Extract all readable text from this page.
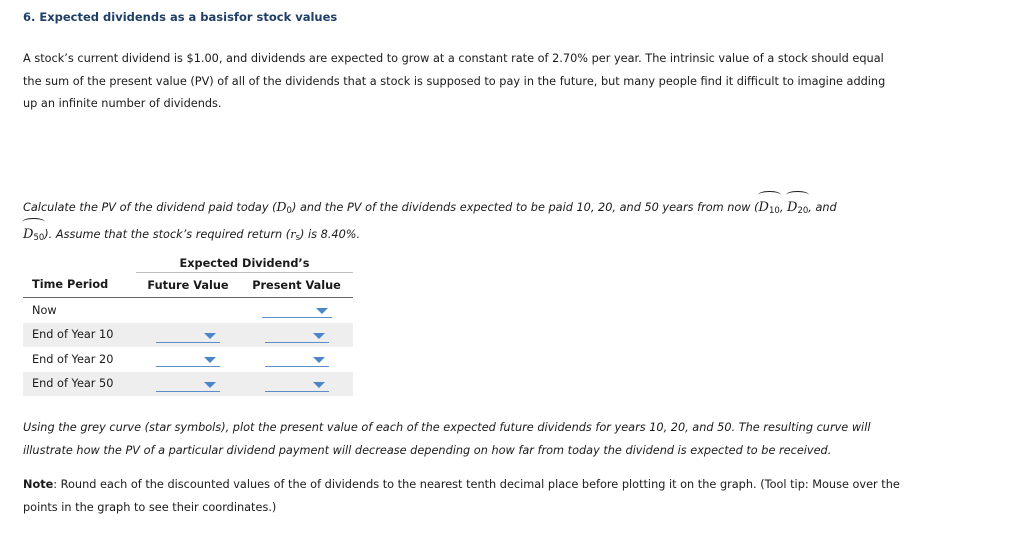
6. Expected dividends as a basisfor stock values
A stock’s current dividend is $1.00, and dividends are expected to grow at a constant rate of 2.70% per year. The intrinsic value of a stock should equal the sum of the present value (PV) of all of the dividends that a stock is supposed to pay in the future, but many people find it difficult to imagine adding up an infinite number of dividends.
Calculate the PV of the dividend paid today $(D_0)$ and the PV of the dividends expected to be paid 10, 20, and 50 years from now ($D_{10}$, $D_{20}$, and
$D_{50}$). Assume that the stock’s required return $(r_s)$ is 8.40%.
	Expected Dividend’s	
Time Period	Future Value	Present Value
Now		
End of Year 10		
End of Year 20		
End of Year 50		
Using the grey curve (star symbols), plot the present value of each of the expected future dividends for years 10, 20, and 50. The resulting curve will illustrate how the PV of a particular dividend payment will decrease depending on how far from today the dividend is expected to be received.
Note: Round each of the discounted values of the of dividends to the nearest tenth decimal place before plotting it on the graph. (Tool tip: Mouse over the points in the graph to see their coordinates.)
